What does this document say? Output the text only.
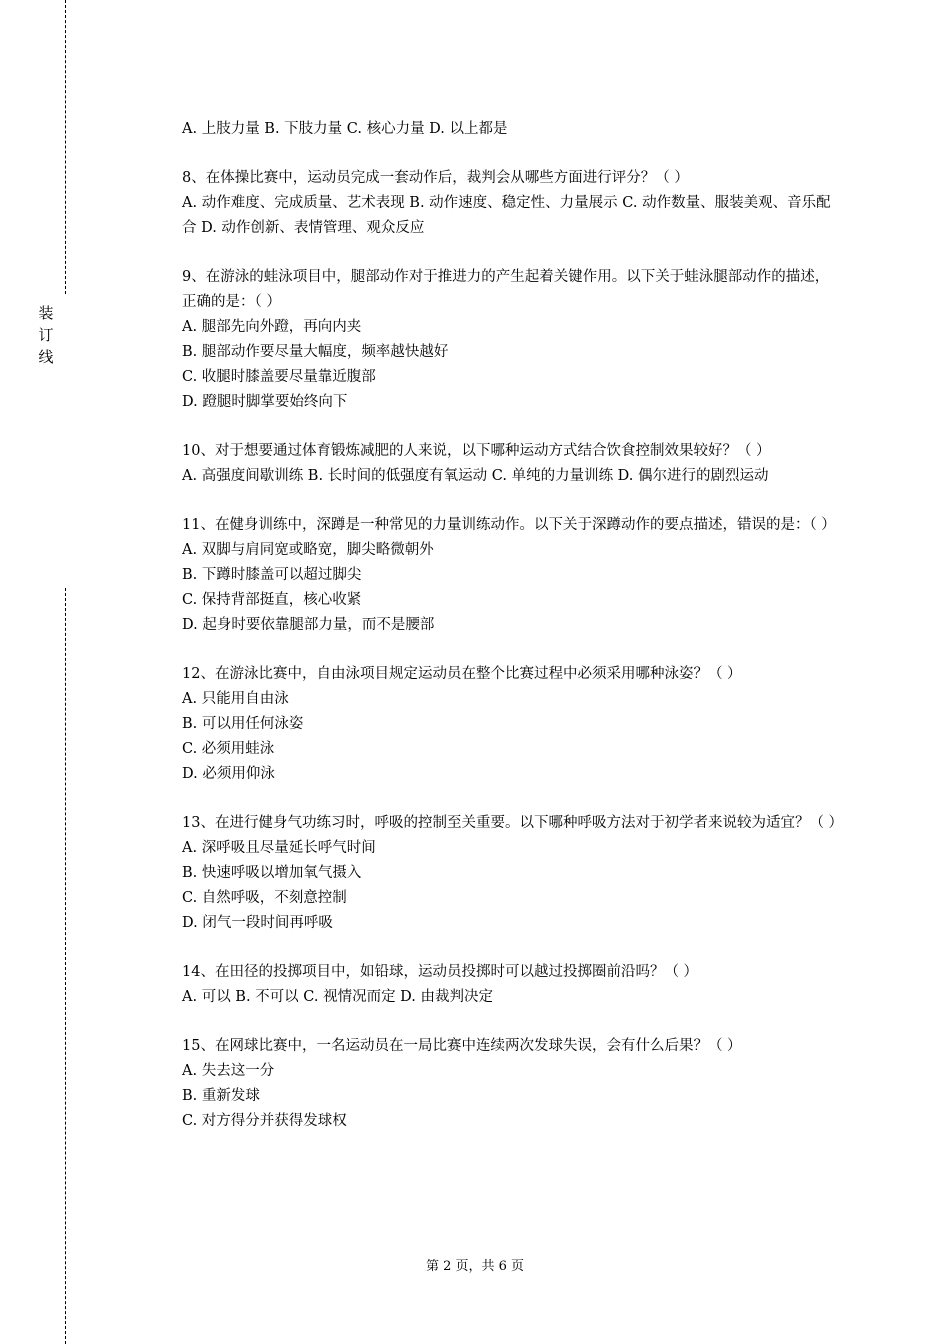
装
订
线
A. 上肢力量 B. 下肢力量 C. 核心力量 D. 以上都是
8、在体操比赛中，运动员完成一套动作后，裁判会从哪些方面进行评分？（ ）
A. 动作难度、完成质量、艺术表现 B. 动作速度、稳定性、力量展示 C. 动作数量、服装美观、音乐配合 D. 动作创新、表情管理、观众反应
9、在游泳的蛙泳项目中，腿部动作对于推进力的产生起着关键作用。以下关于蛙泳腿部动作的描述，正确的是：（ ）
A. 腿部先向外蹬，再向内夹
B. 腿部动作要尽量大幅度，频率越快越好
C. 收腿时膝盖要尽量靠近腹部
D. 蹬腿时脚掌要始终向下
10、对于想要通过体育锻炼减肥的人来说，以下哪种运动方式结合饮食控制效果较好？（ ）
A. 高强度间歇训练 B. 长时间的低强度有氧运动 C. 单纯的力量训练 D. 偶尔进行的剧烈运动
11、在健身训练中，深蹲是一种常见的力量训练动作。以下关于深蹲动作的要点描述，错误的是：（ ）
A. 双脚与肩同宽或略宽，脚尖略微朝外
B. 下蹲时膝盖可以超过脚尖
C. 保持背部挺直，核心收紧
D. 起身时要依靠腿部力量，而不是腰部
12、在游泳比赛中，自由泳项目规定运动员在整个比赛过程中必须采用哪种泳姿？（ ）
A. 只能用自由泳
B. 可以用任何泳姿
C. 必须用蛙泳
D. 必须用仰泳
13、在进行健身气功练习时，呼吸的控制至关重要。以下哪种呼吸方法对于初学者来说较为适宜？（ ）
A. 深呼吸且尽量延长呼气时间
B. 快速呼吸以增加氧气摄入
C. 自然呼吸，不刻意控制
D. 闭气一段时间再呼吸
14、在田径的投掷项目中，如铅球，运动员投掷时可以越过投掷圈前沿吗？（ ）
A. 可以 B. 不可以 C. 视情况而定 D. 由裁判决定
15、在网球比赛中，一名运动员在一局比赛中连续两次发球失误，会有什么后果？（ ）
A. 失去这一分
B. 重新发球
C. 对方得分并获得发球权
第 2 页，共 6 页
